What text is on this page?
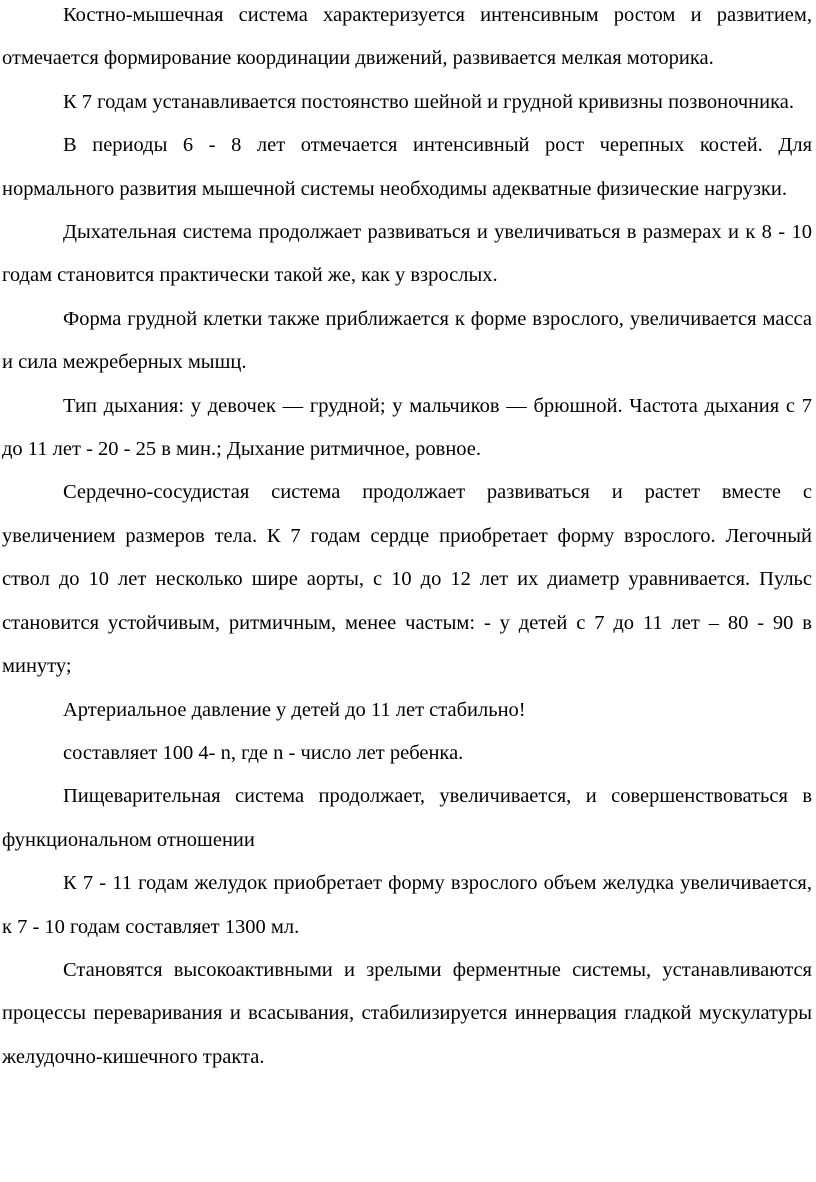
Костно-мышечная система характеризуется интенсивным ростом и развитием, отмечается формирование координации движений, развивается мелкая моторика.

К 7 годам устанавливается постоянство шейной и грудной кривизны позвоночника.

В периоды 6 - 8 лет отмечается интенсивный рост черепных костей. Для нормального развития мышечной системы необходимы адекватные физические нагрузки.

Дыхательная система продолжает развиваться и увеличиваться в размерах и к 8 - 10 годам становится практически такой же, как у взрослых.

Форма грудной клетки также приближается к форме взрослого, увеличивается масса и сила межреберных мышц.

Тип дыхания: у девочек — грудной; у мальчиков — брюшной. Частота дыхания с 7 до 11 лет - 20 - 25 в мин.; Дыхание ритмичное, ровное.

Сердечно-сосудистая система продолжает развиваться и растет вместе с увеличением размеров тела. К 7 годам сердце приобретает форму взрослого. Легочный ствол до 10 лет несколько шире аорты, с 10 до 12 лет их диаметр уравнивается. Пульс становится устойчивым, ритмичным, менее частым: - у детей с 7 до 11 лет – 80 - 90 в минуту;

Артериальное давление у детей до 11 лет стабильно!

составляет 100 4- n, где n - число лет ребенка.

Пищеварительная система продолжает, увеличивается, и совершенствоваться в функциональном отношении

К 7 - 11 годам желудок приобретает форму взрослого объем желудка увеличивается, к 7 - 10 годам составляет 1300 мл.

Становятся высокоактивными и зрелыми ферментные системы, устанавливаются процессы переваривания и всасывания, стабилизируется иннервация гладкой мускулатуры желудочно-кишечного тракта.
